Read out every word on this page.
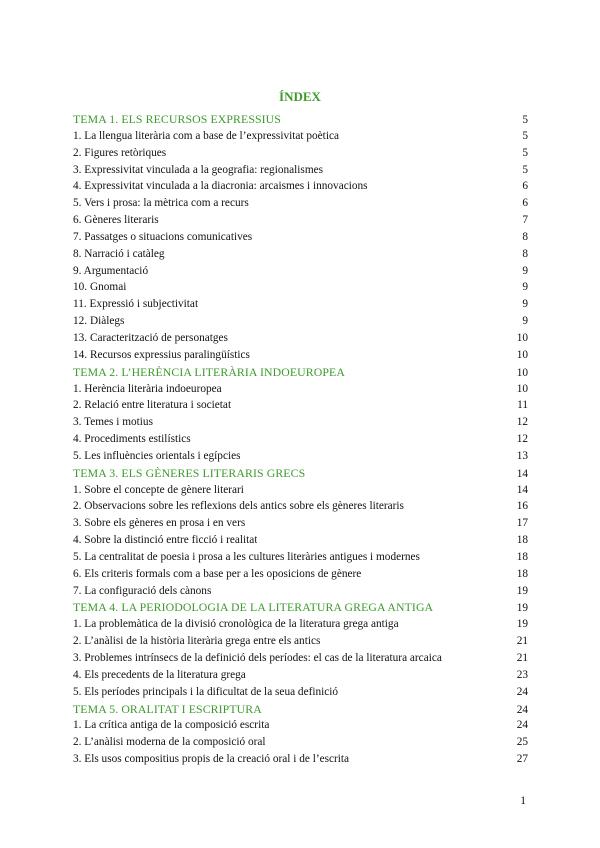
ÍNDEX
TEMA 1. ELS RECURSOS EXPRESSIUS	5
1. La llengua literària com a base de l’expressivitat poètica	5
2. Figures retòriques	5
3. Expressivitat vinculada a la geografia: regionalismes	5
4. Expressivitat vinculada a la diacronia: arcaismes i innovacions	6
5. Vers i prosa: la mètrica com a recurs	6
6. Gèneres literaris	7
7. Passatges o situacions comunicatives	8
8. Narració i catàleg	8
9. Argumentació	9
10. Gnomai	9
11. Expressió i subjectivitat	9
12. Diàlegs	9
13. Caracterització de personatges	10
14. Recursos expressius paralingüístics	10
TEMA 2. L’HERÈNCIA LITERÀRIA INDOEUROPEA	10
1. Herència literària indoeuropea	10
2. Relació entre literatura i societat	11
3. Temes i motius	12
4. Procediments estilístics	12
5. Les influències orientals i egípcies	13
TEMA 3. ELS GÈNERES LITERARIS GRECS	14
1. Sobre el concepte de gènere literari	14
2. Observacions sobre les reflexions dels antics sobre els gèneres literaris	16
3. Sobre els gèneres en prosa i en vers	17
4. Sobre la distinció entre ficció i realitat	18
5. La centralitat de poesia i prosa a les cultures literàries antigues i modernes	18
6. Els criteris formals com a base per a les oposicions de gènere	18
7. La configuració dels cànons	19
TEMA 4. LA PERIODOLOGIA DE LA LITERATURA GREGA ANTIGA	19
1. La problemàtica de la divisió cronològica de la literatura grega antiga	19
2. L’anàlisi de la història literària grega entre els antics	21
3. Problemes intrínsecs de la definició dels períodes: el cas de la literatura arcaica	21
4. Els precedents de la literatura grega	23
5. Els períodes principals i la dificultat de la seua definició	24
TEMA 5. ORALITAT I ESCRIPTURA	24
1. La crítica antiga de la composició escrita	24
2. L’anàlisi moderna de la composició oral	25
3. Els usos compositius propis de la creació oral i de l’escrita	27
1
